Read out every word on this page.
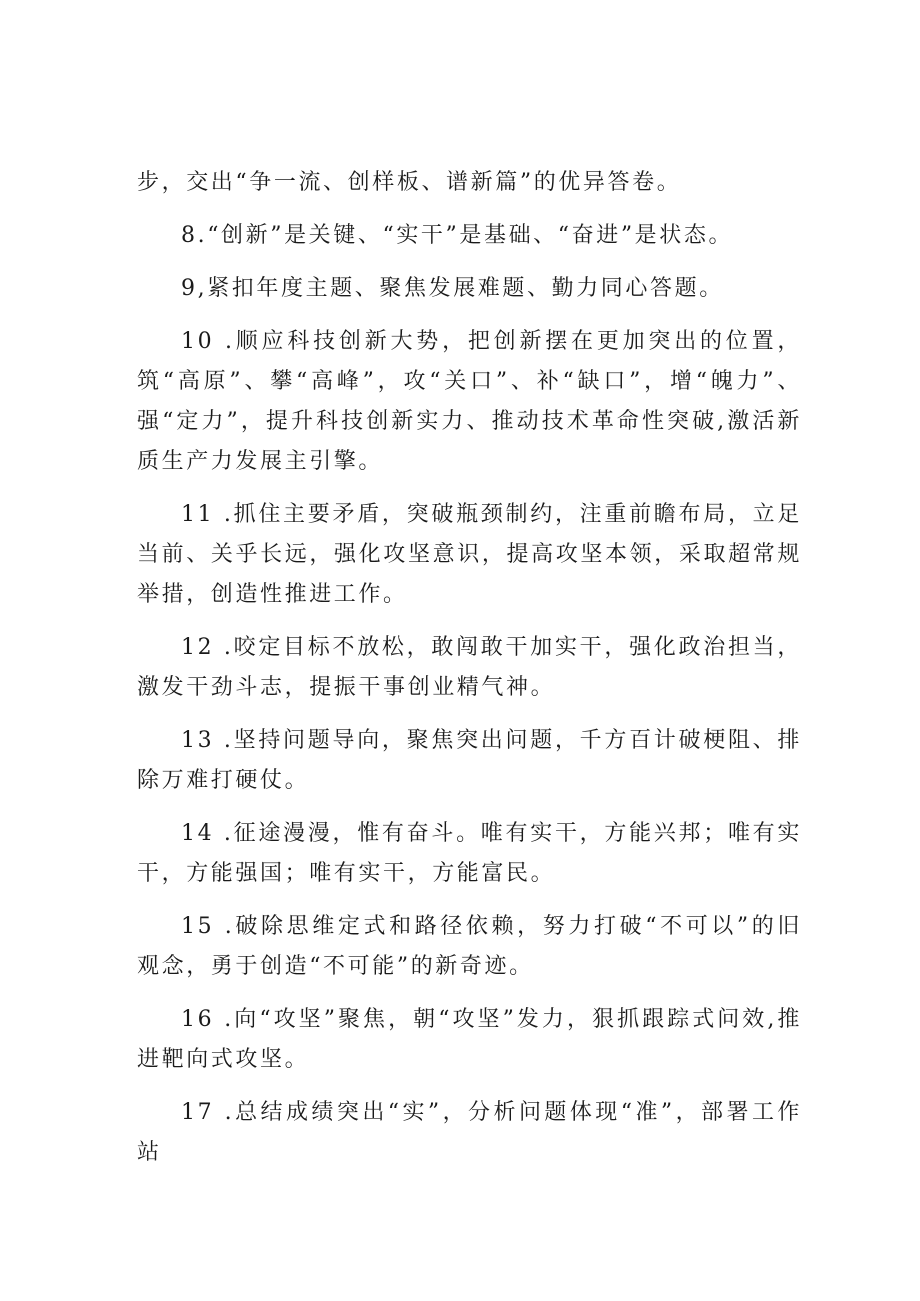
步，交出“争一流、创样板、谱新篇”的优异答卷。

8.“创新”是关键、“实干”是基础、“奋进”是状态。

9,紧扣年度主题、聚焦发展难题、勤力同心答题。

10 .顺应科技创新大势，把创新摆在更加突出的位置，筑“高原”、攀“高峰”，攻“关口”、补“缺口”，增“魄力”、强“定力”，提升科技创新实力、推动技术革命性突破,激活新质生产力发展主引擎。

11 .抓住主要矛盾，突破瓶颈制约，注重前瞻布局，立足当前、关乎长远，强化攻坚意识，提高攻坚本领，采取超常规举措，创造性推进工作。

12 .咬定目标不放松，敢闯敢干加实干，强化政治担当，激发干劲斗志，提振干事创业精气神。

13 .坚持问题导向，聚焦突出问题，千方百计破梗阻、排除万难打硬仗。

14 .征途漫漫，惟有奋斗。唯有实干，方能兴邦；唯有实干，方能强国；唯有实干，方能富民。

15 .破除思维定式和路径依赖，努力打破“不可以”的旧观念，勇于创造“不可能”的新奇迹。

16 .向“攻坚”聚焦，朝“攻坚”发力，狠抓跟踪式问效,推进靶向式攻坚。

17 .总结成绩突出“实”，分析问题体现“准”，部署工作站
